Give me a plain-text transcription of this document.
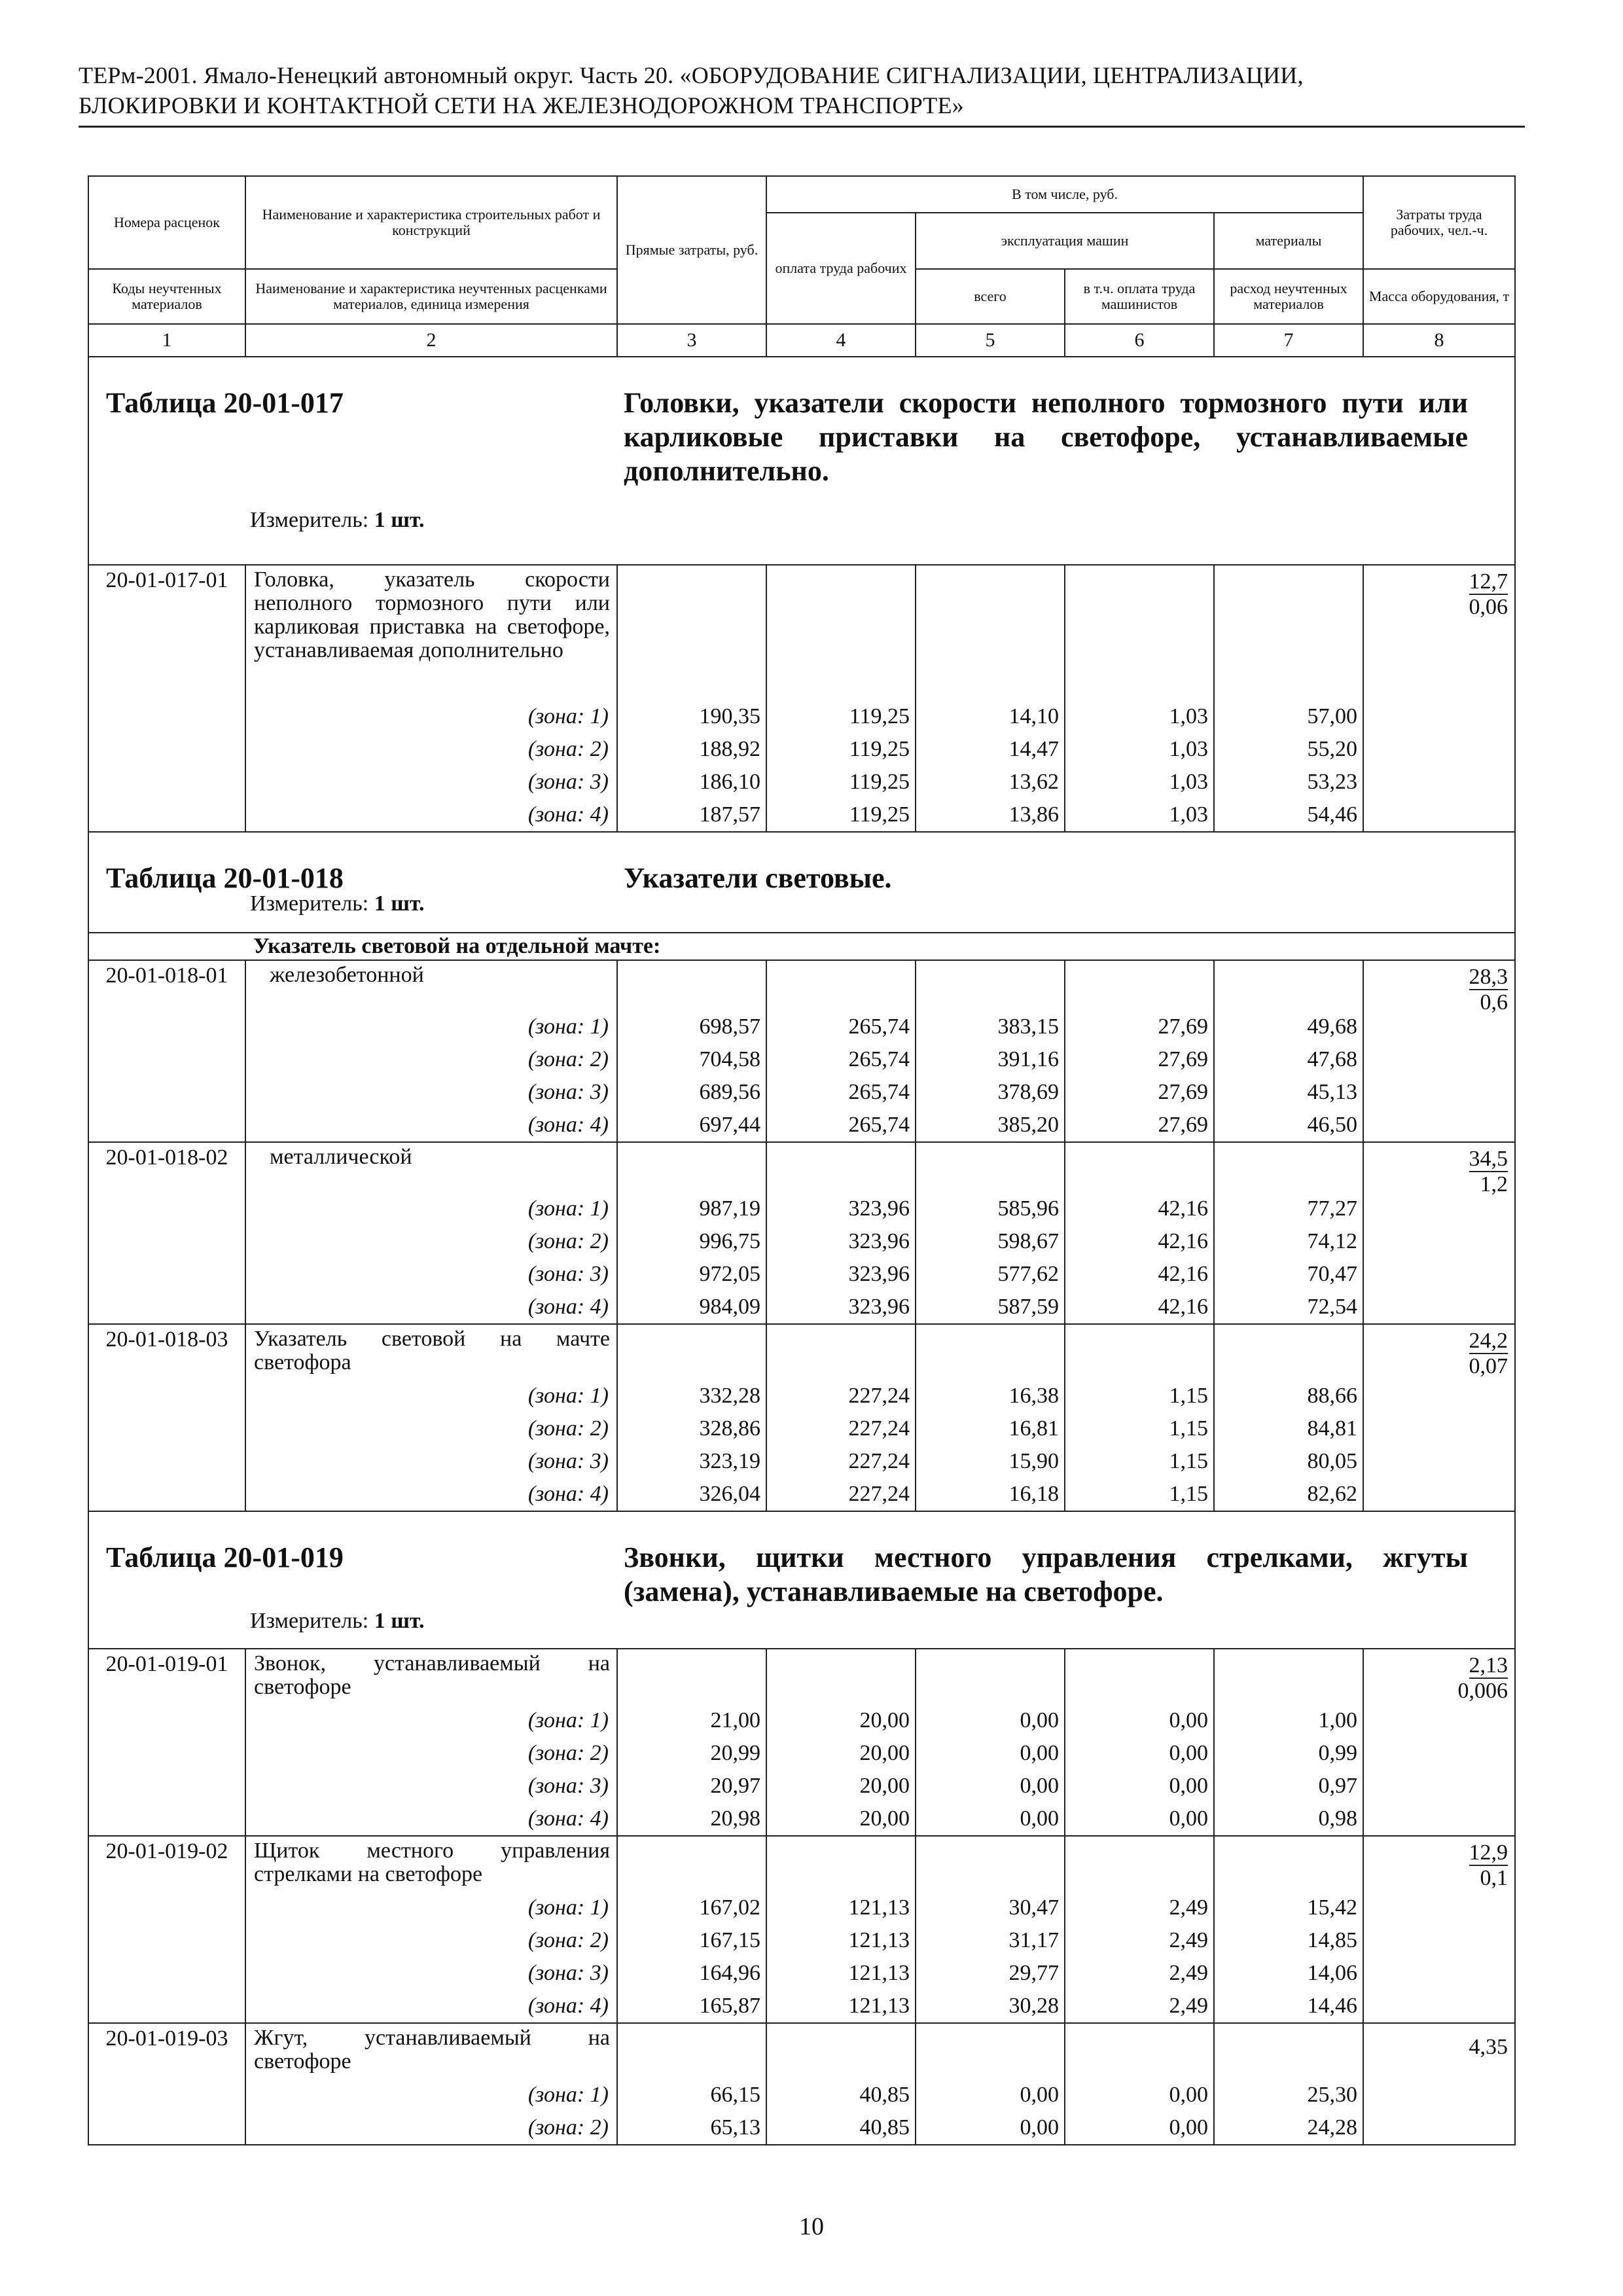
ТЕРм-2001. Ямало-Ненецкий автономный округ. Часть 20. «ОБОРУДОВАНИЕ СИГНАЛИЗАЦИИ, ЦЕНТРАЛИЗАЦИИ,
БЛОКИРОВКИ И КОНТАКТНОЙ СЕТИ НА ЖЕЛЕЗНОДОРОЖНОМ ТРАНСПОРТЕ»
Номера расценок	Наименование и характеристика строительных работ и конструкций	Прямые затраты, руб.	В том числе, руб.				Затраты труда рабочих, чел.-ч.
			оплата труда рабочих	эксплуатация машин		материалы	
Коды неучтенных материалов	Наименование и характеристика неучтенных расценками материалов, единица измерения			всего	в т.ч. оплата труда машинистов	расход неучтенных материалов	Масса оборудования, т
1	2	3	4	5	6	7	8

Таблица 20-01-017 Головки, указатели скорости неполного тормозного пути или карликовые приставки на светофоре, устанавливаемые дополнительно.
Измеритель: 1 шт.							

20-01-017-01	Головка, указатель скорости неполного тормозного пути или карликовая приставка на светофоре, устанавливаемая дополнительно						12,7
0,06

	(зона: 1)	190,35	119,25	14,10	1,03	57,00	
	(зона: 2)	188,92	119,25	14,47	1,03	55,20	
	(зона: 3)	186,10	119,25	13,62	1,03	53,23	
	(зона: 4)	187,57	119,25	13,86	1,03	54,46	

Таблица 20-01-018 Указатели световые.
Измеритель: 1 шт.							

	Указатель световой на отдельной мачте:						
20-01-018-01	железобетонной						28,3
0,6

	(зона: 1)	698,57	265,74	383,15	27,69	49,68	
	(зона: 2)	704,58	265,74	391,16	27,69	47,68	
	(зона: 3)	689,56	265,74	378,69	27,69	45,13	
	(зона: 4)	697,44	265,74	385,20	27,69	46,50	
20-01-018-02	металлической						34,5
1,2

	(зона: 1)	987,19	323,96	585,96	42,16	77,27	
	(зона: 2)	996,75	323,96	598,67	42,16	74,12	
	(зона: 3)	972,05	323,96	577,62	42,16	70,47	
	(зона: 4)	984,09	323,96	587,59	42,16	72,54	
20-01-018-03	Указатель световой на мачте светофора						24,2
0,07

	(зона: 1)	332,28	227,24	16,38	1,15	88,66	
	(зона: 2)	328,86	227,24	16,81	1,15	84,81	
	(зона: 3)	323,19	227,24	15,90	1,15	80,05	
	(зона: 4)	326,04	227,24	16,18	1,15	82,62	

Таблица 20-01-019 Звонки, щитки местного управления стрелками, жгуты (замена), устанавливаемые на светофоре.
Измеритель: 1 шт.							

20-01-019-01	Звонок, устанавливаемый на светофоре						2,13
0,006

	(зона: 1)	21,00	20,00	0,00	0,00	1,00	
	(зона: 2)	20,99	20,00	0,00	0,00	0,99	
	(зона: 3)	20,97	20,00	0,00	0,00	0,97	
	(зона: 4)	20,98	20,00	0,00	0,00	0,98	
20-01-019-02	Щиток местного управления стрелками на светофоре						12,9
0,1

	(зона: 1)	167,02	121,13	30,47	2,49	15,42	
	(зона: 2)	167,15	121,13	31,17	2,49	14,85	
	(зона: 3)	164,96	121,13	29,77	2,49	14,06	
	(зона: 4)	165,87	121,13	30,28	2,49	14,46	
20-01-019-03	Жгут, устанавливаемый на светофоре						4,35
	(зона: 1)	66,15	40,85	0,00	0,00	25,30	
	(зона: 2)	65,13	40,85	0,00	0,00	24,28	
10
